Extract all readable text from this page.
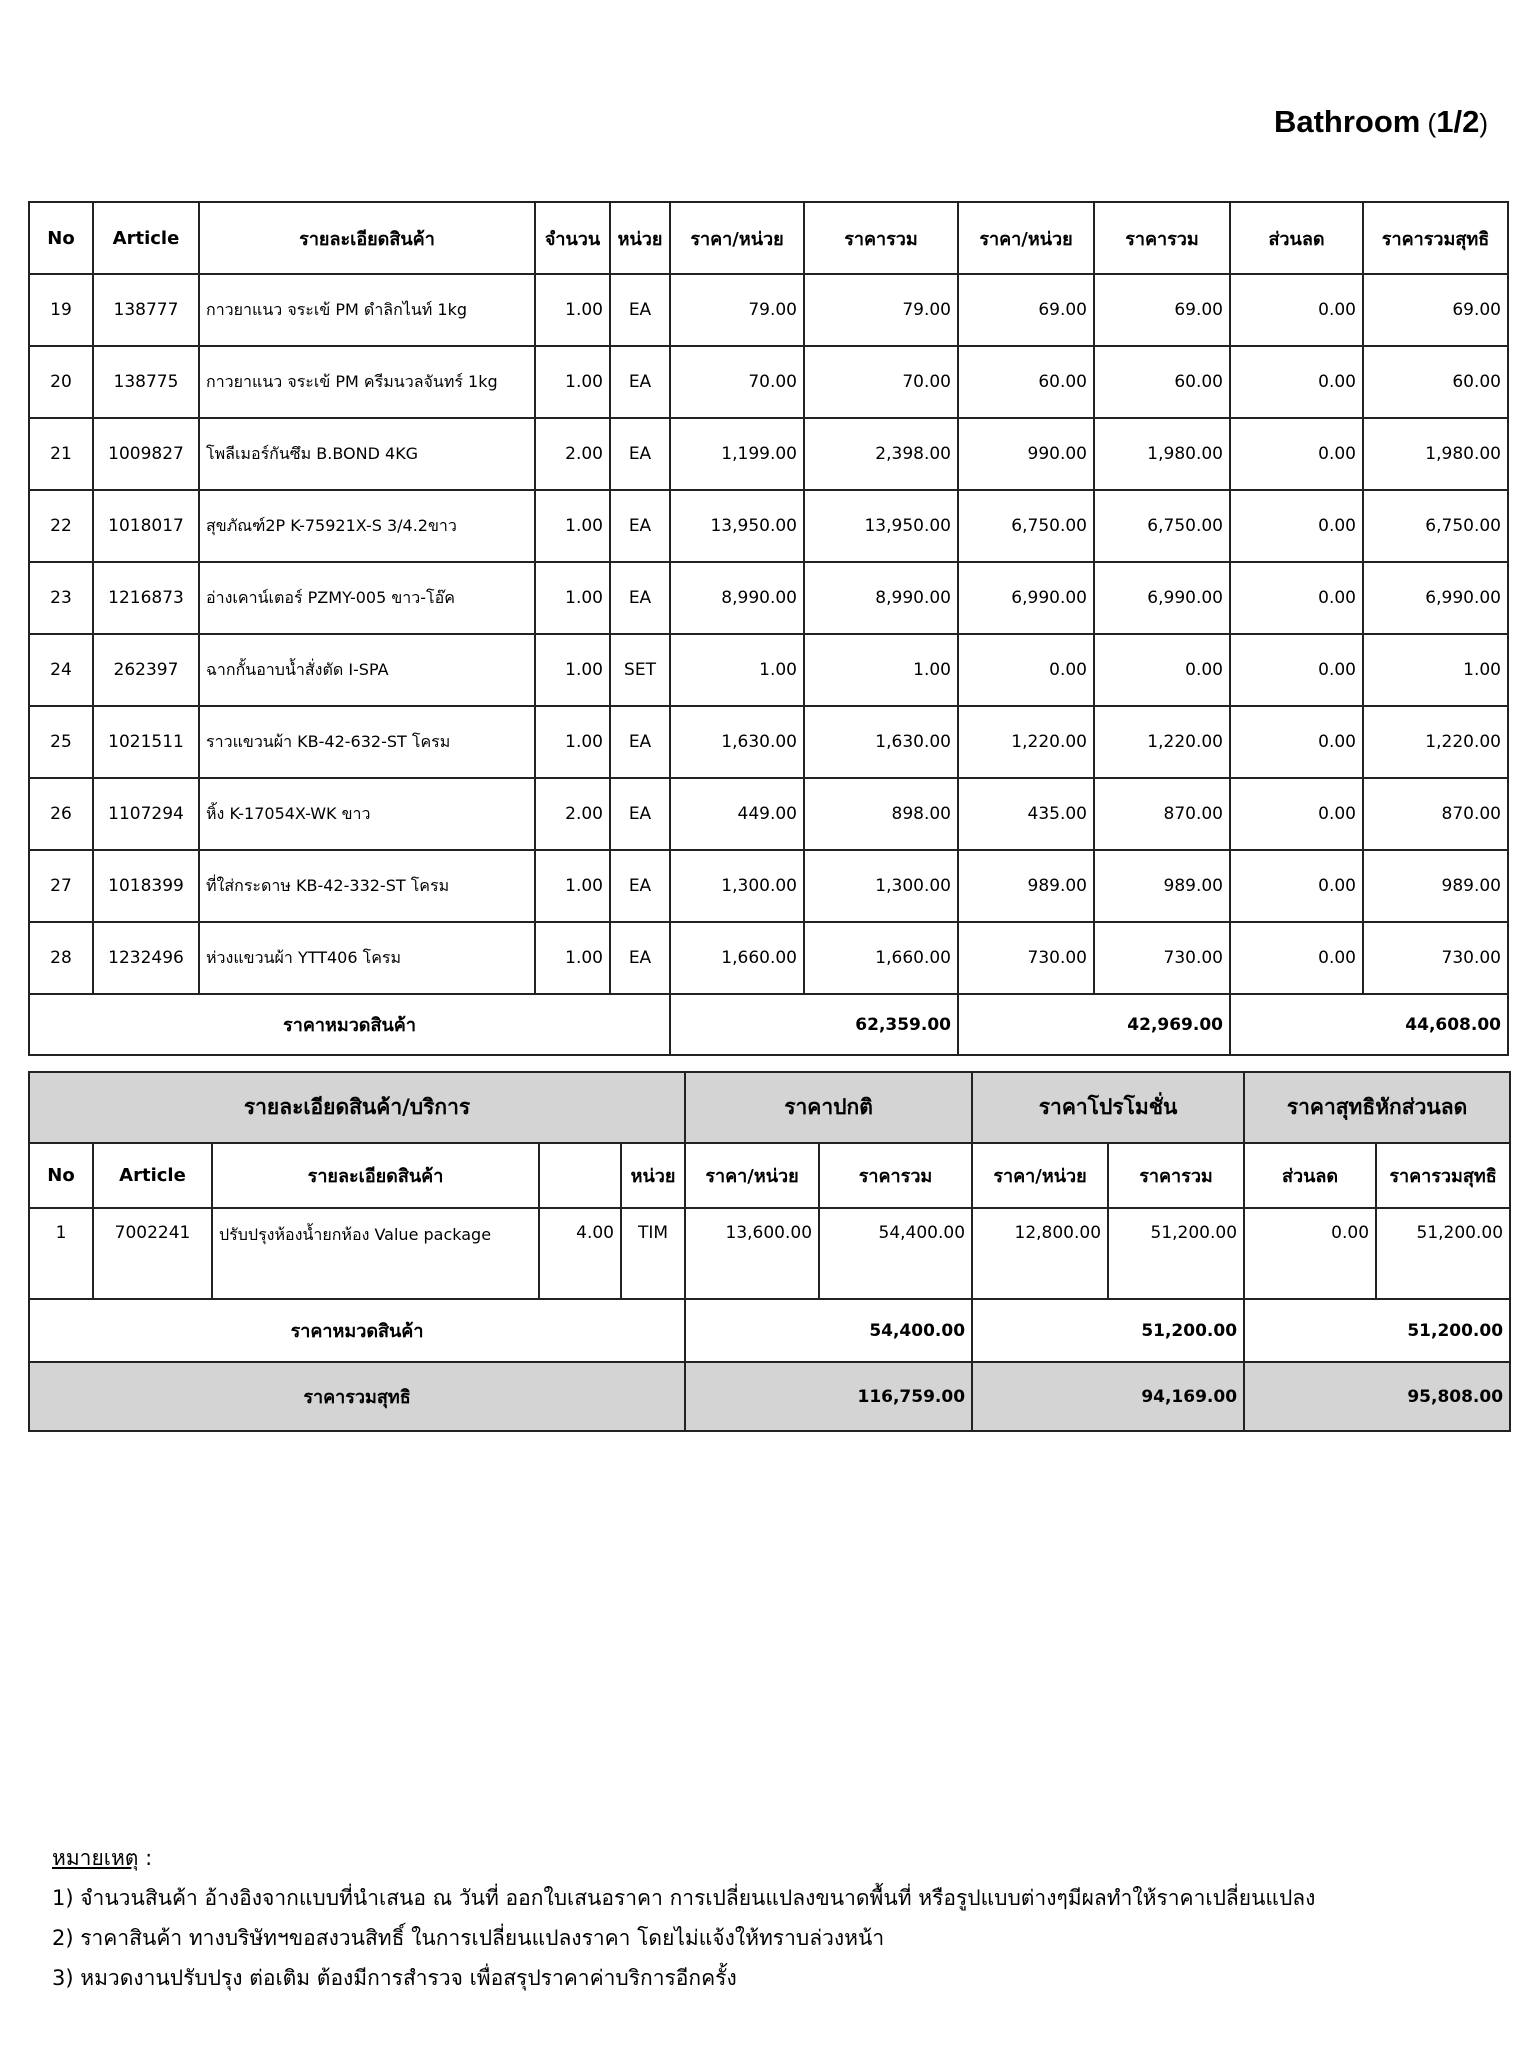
Bathroom (1/2)
No	Article	รายละเอียดสินค้า	จำนวน	หน่วย	ราคา/หน่วย	ราคารวม	ราคา/หน่วย	ราคารวม	ส่วนลด	ราคารวมสุทธิ
19	138777	กาวยาแนว จระเข้ PM ดำลิกไนท์ 1kg	1.00	EA	79.00	79.00	69.00	69.00	0.00	69.00
20	138775	กาวยาแนว จระเข้ PM ครีมนวลจันทร์ 1kg	1.00	EA	70.00	70.00	60.00	60.00	0.00	60.00
21	1009827	โพลีเมอร์กันซึม B.BOND 4KG	2.00	EA	1,199.00	2,398.00	990.00	1,980.00	0.00	1,980.00
22	1018017	สุขภัณฑ์2P K-75921X-S 3/4.2ขาว	1.00	EA	13,950.00	13,950.00	6,750.00	6,750.00	0.00	6,750.00
23	1216873	อ่างเคาน์เตอร์ PZMY-005 ขาว-โอ๊ค	1.00	EA	8,990.00	8,990.00	6,990.00	6,990.00	0.00	6,990.00
24	262397	ฉากกั้นอาบน้ำสั่งตัด I-SPA	1.00	SET	1.00	1.00	0.00	0.00	0.00	1.00
25	1021511	ราวแขวนผ้า KB-42-632-ST โครม	1.00	EA	1,630.00	1,630.00	1,220.00	1,220.00	0.00	1,220.00
26	1107294	หิ้ง K-17054X-WK ขาว	2.00	EA	449.00	898.00	435.00	870.00	0.00	870.00
27	1018399	ที่ใส่กระดาษ KB-42-332-ST โครม	1.00	EA	1,300.00	1,300.00	989.00	989.00	0.00	989.00
28	1232496	ห่วงแขวนผ้า YTT406 โครม	1.00	EA	1,660.00	1,660.00	730.00	730.00	0.00	730.00
ราคาหมวดสินค้า					62,359.00		42,969.00		44,608.00	
รายละเอียดสินค้า/บริการ					ราคาปกติ		ราคาโปรโมชั่น		ราคาสุทธิหักส่วนลด	
No	Article	รายละเอียดสินค้า		หน่วย	ราคา/หน่วย	ราคารวม	ราคา/หน่วย	ราคารวม	ส่วนลด	ราคารวมสุทธิ
1	7002241	ปรับปรุงห้องน้ำยกห้อง Value package	4.00	TIM	13,600.00	54,400.00	12,800.00	51,200.00	0.00	51,200.00
ราคาหมวดสินค้า					54,400.00		51,200.00		51,200.00	
ราคารวมสุทธิ					116,759.00		94,169.00		95,808.00	
หมายเหตุ :
1) จำนวนสินค้า อ้างอิงจากแบบที่นำเสนอ ณ วันที่ ออกใบเสนอราคา การเปลี่ยนแปลงขนาดพื้นที่ หรือรูปแบบต่างๆมีผลทำให้ราคาเปลี่ยนแปลง
2) ราคาสินค้า ทางบริษัทฯขอสงวนสิทธิ์ ในการเปลี่ยนแปลงราคา โดยไม่แจ้งให้ทราบล่วงหน้า
3) หมวดงานปรับปรุง ต่อเติม ต้องมีการสำรวจ เพื่อสรุปราคาค่าบริการอีกครั้ง
